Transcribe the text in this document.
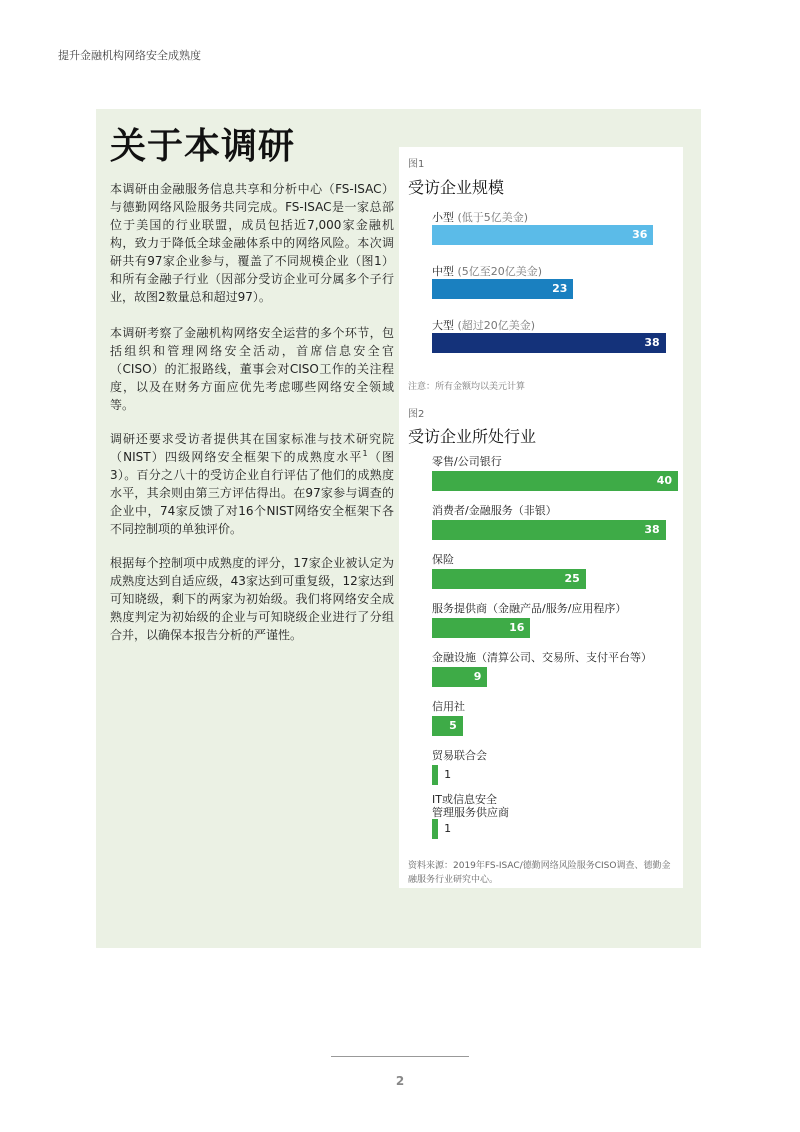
提升金融机构网络安全成熟度
关于本调研

本调研由金融服务信息共享和分析中心（FS-ISAC）与德勤网络风险服务共同完成。FS-ISAC是一家总部位于美国的行业联盟，成员包括近7,000家金融机构，致力于降低全球金融体系中的网络风险。本次调研共有97家企业参与，覆盖了不同规模企业（图1）和所有金融子行业（因部分受访企业可分属多个子行业，故图2数量总和超过97）。

本调研考察了金融机构网络安全运营的多个环节，包括组织和管理网络安全活动，首席信息安全官（CISO）的汇报路线，董事会对CISO工作的关注程度，以及在财务方面应优先考虑哪些网络安全领域等。

调研还要求受访者提供其在国家标准与技术研究院（NIST）四级网络安全框架下的成熟度水平$^1$（图3）。百分之八十的受访企业自行评估了他们的成熟度水平，其余则由第三方评估得出。在97家参与调查的企业中，74家反馈了对16个NIST网络安全框架下各不同控制项的单独评价。

根据每个控制项中成熟度的评分，17家企业被认定为成熟度达到自适应级，43家达到可重复级，12家达到可知晓级，剩下的两家为初始级。我们将网络安全成熟度判定为初始级的企业与可知晓级企业进行了分组合并，以确保本报告分析的严谨性。

图1
受访企业规模
小型 (低于5亿美金)
36
中型 (5亿至20亿美金)
23
大型 (超过20亿美金)
38
注意：所有金额均以美元计算
图2
受访企业所处行业
零售/公司银行
40
消费者/金融服务（非银）
38
保险
25
服务提供商（金融产品/服务/应用程序）
16
金融设施（清算公司、交易所、支付平台等）
9
信用社
5
贸易联合会
1
IT或信息安全
管理服务供应商
1
资料来源：2019年FS-ISAC/德勤网络风险服务CISO调查、德勤金融服务行业研究中心。
2
